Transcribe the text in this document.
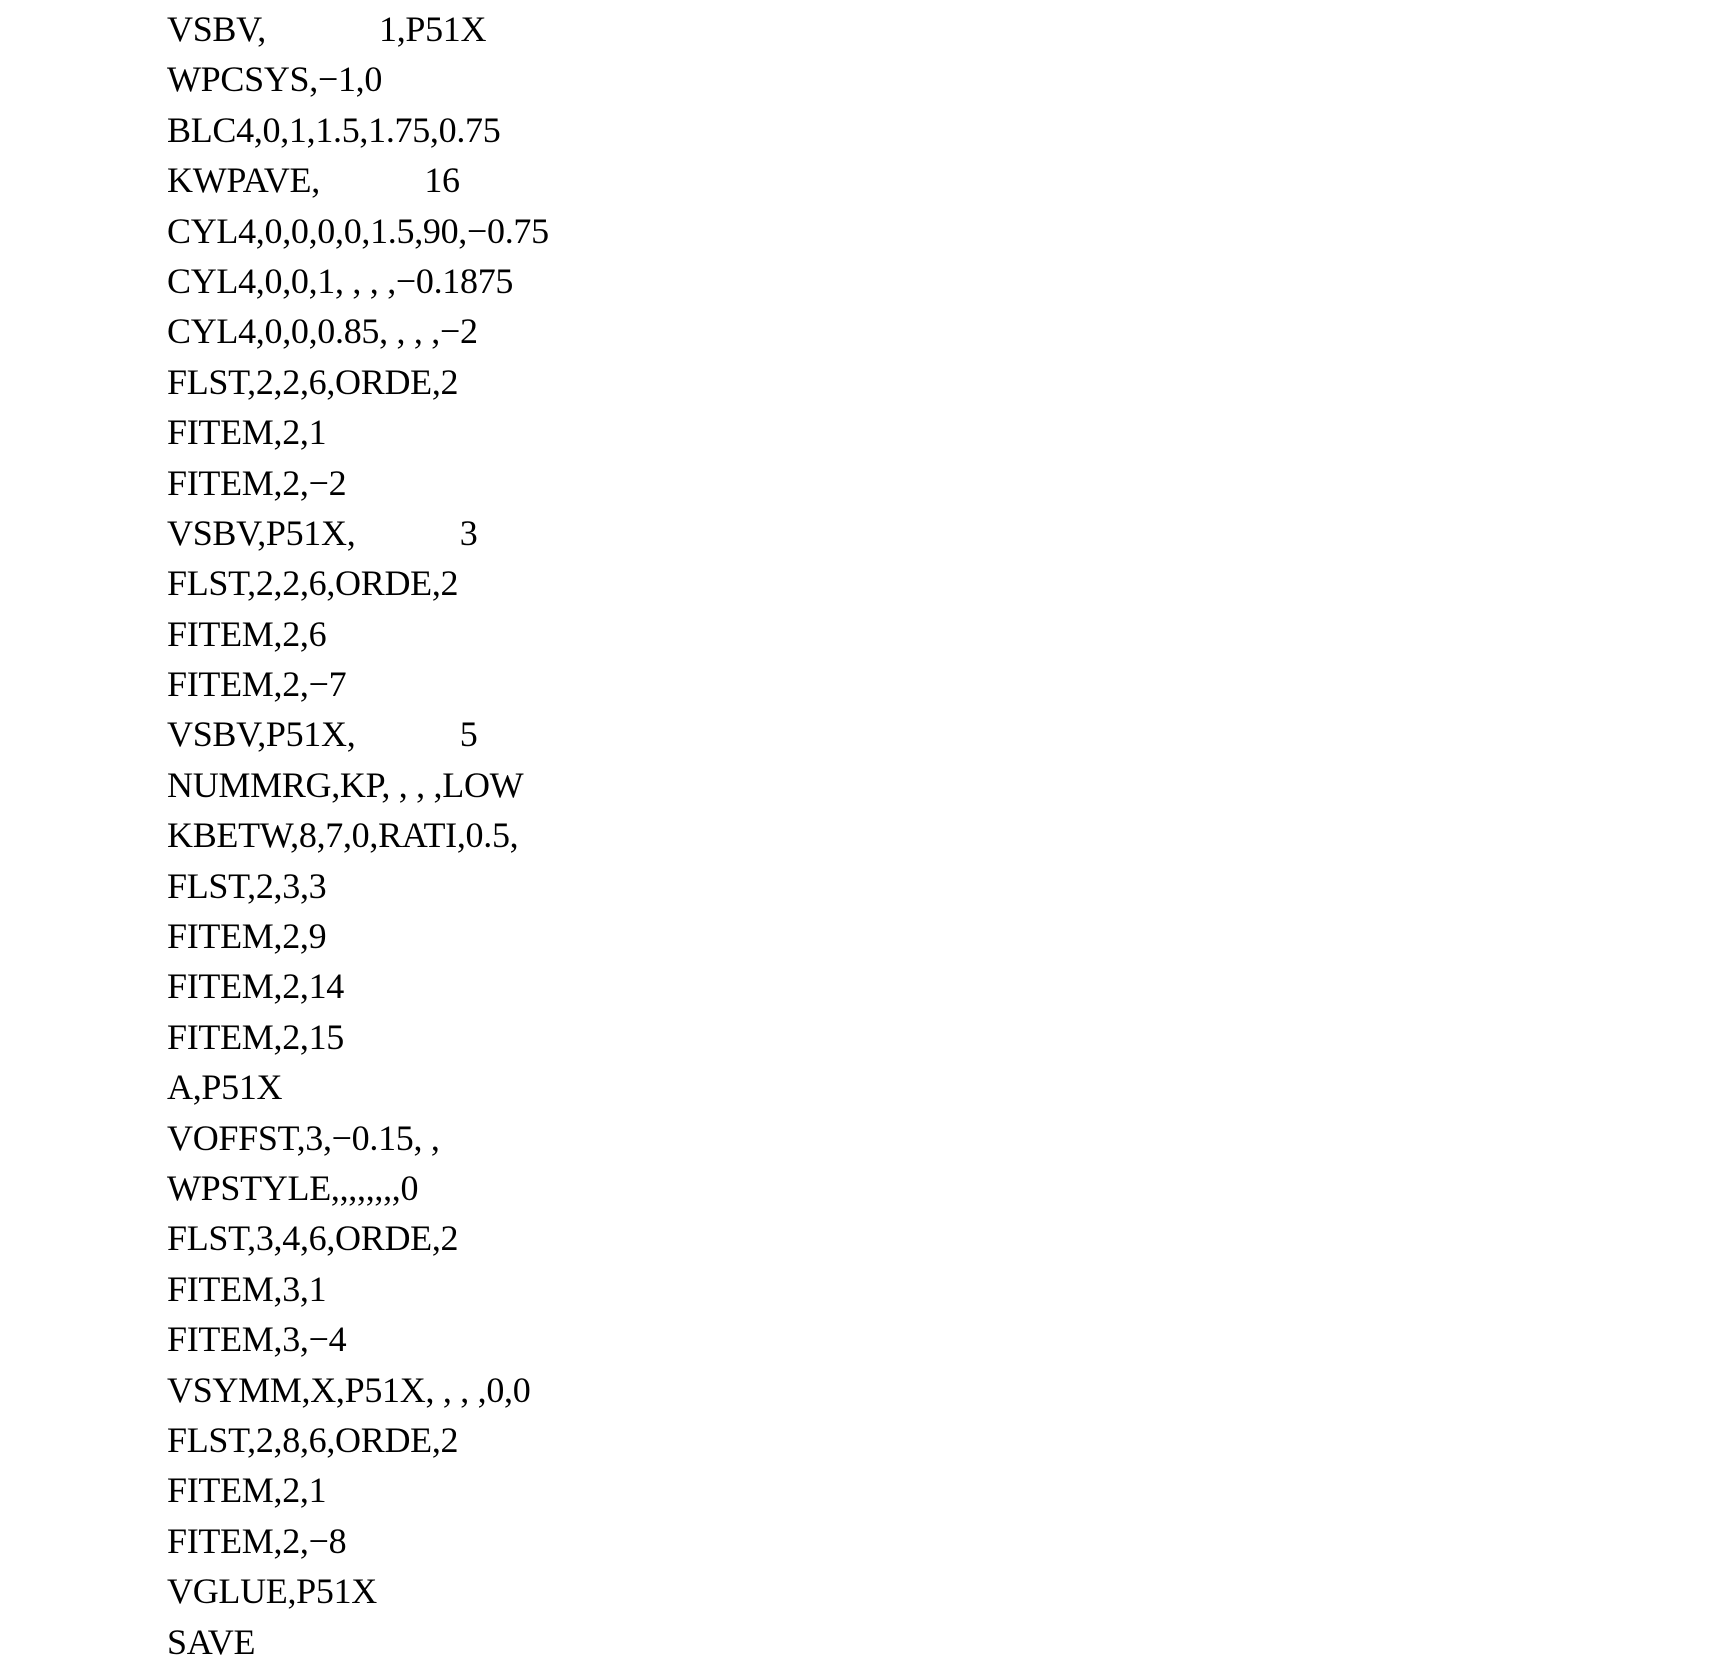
VSBV,             1,P51X
WPCSYS,−1,0
BLC4,0,1,1.5,1.75,0.75
KWPAVE,            16
CYL4,0,0,0,0,1.5,90,−0.75
CYL4,0,0,1, , , ,−0.1875
CYL4,0,0,0.85, , , ,−2
FLST,2,2,6,ORDE,2
FITEM,2,1
FITEM,2,−2
VSBV,P51X,            3
FLST,2,2,6,ORDE,2
FITEM,2,6
FITEM,2,−7
VSBV,P51X,            5
NUMMRG,KP, , , ,LOW
KBETW,8,7,0,RATI,0.5,
FLST,2,3,3
FITEM,2,9
FITEM,2,14
FITEM,2,15
A,P51X
VOFFST,3,−0.15, ,
WPSTYLE,,,,,,,,0
FLST,3,4,6,ORDE,2
FITEM,3,1
FITEM,3,−4
VSYMM,X,P51X, , , ,0,0
FLST,2,8,6,ORDE,2
FITEM,2,1
FITEM,2,−8
VGLUE,P51X
SAVE
